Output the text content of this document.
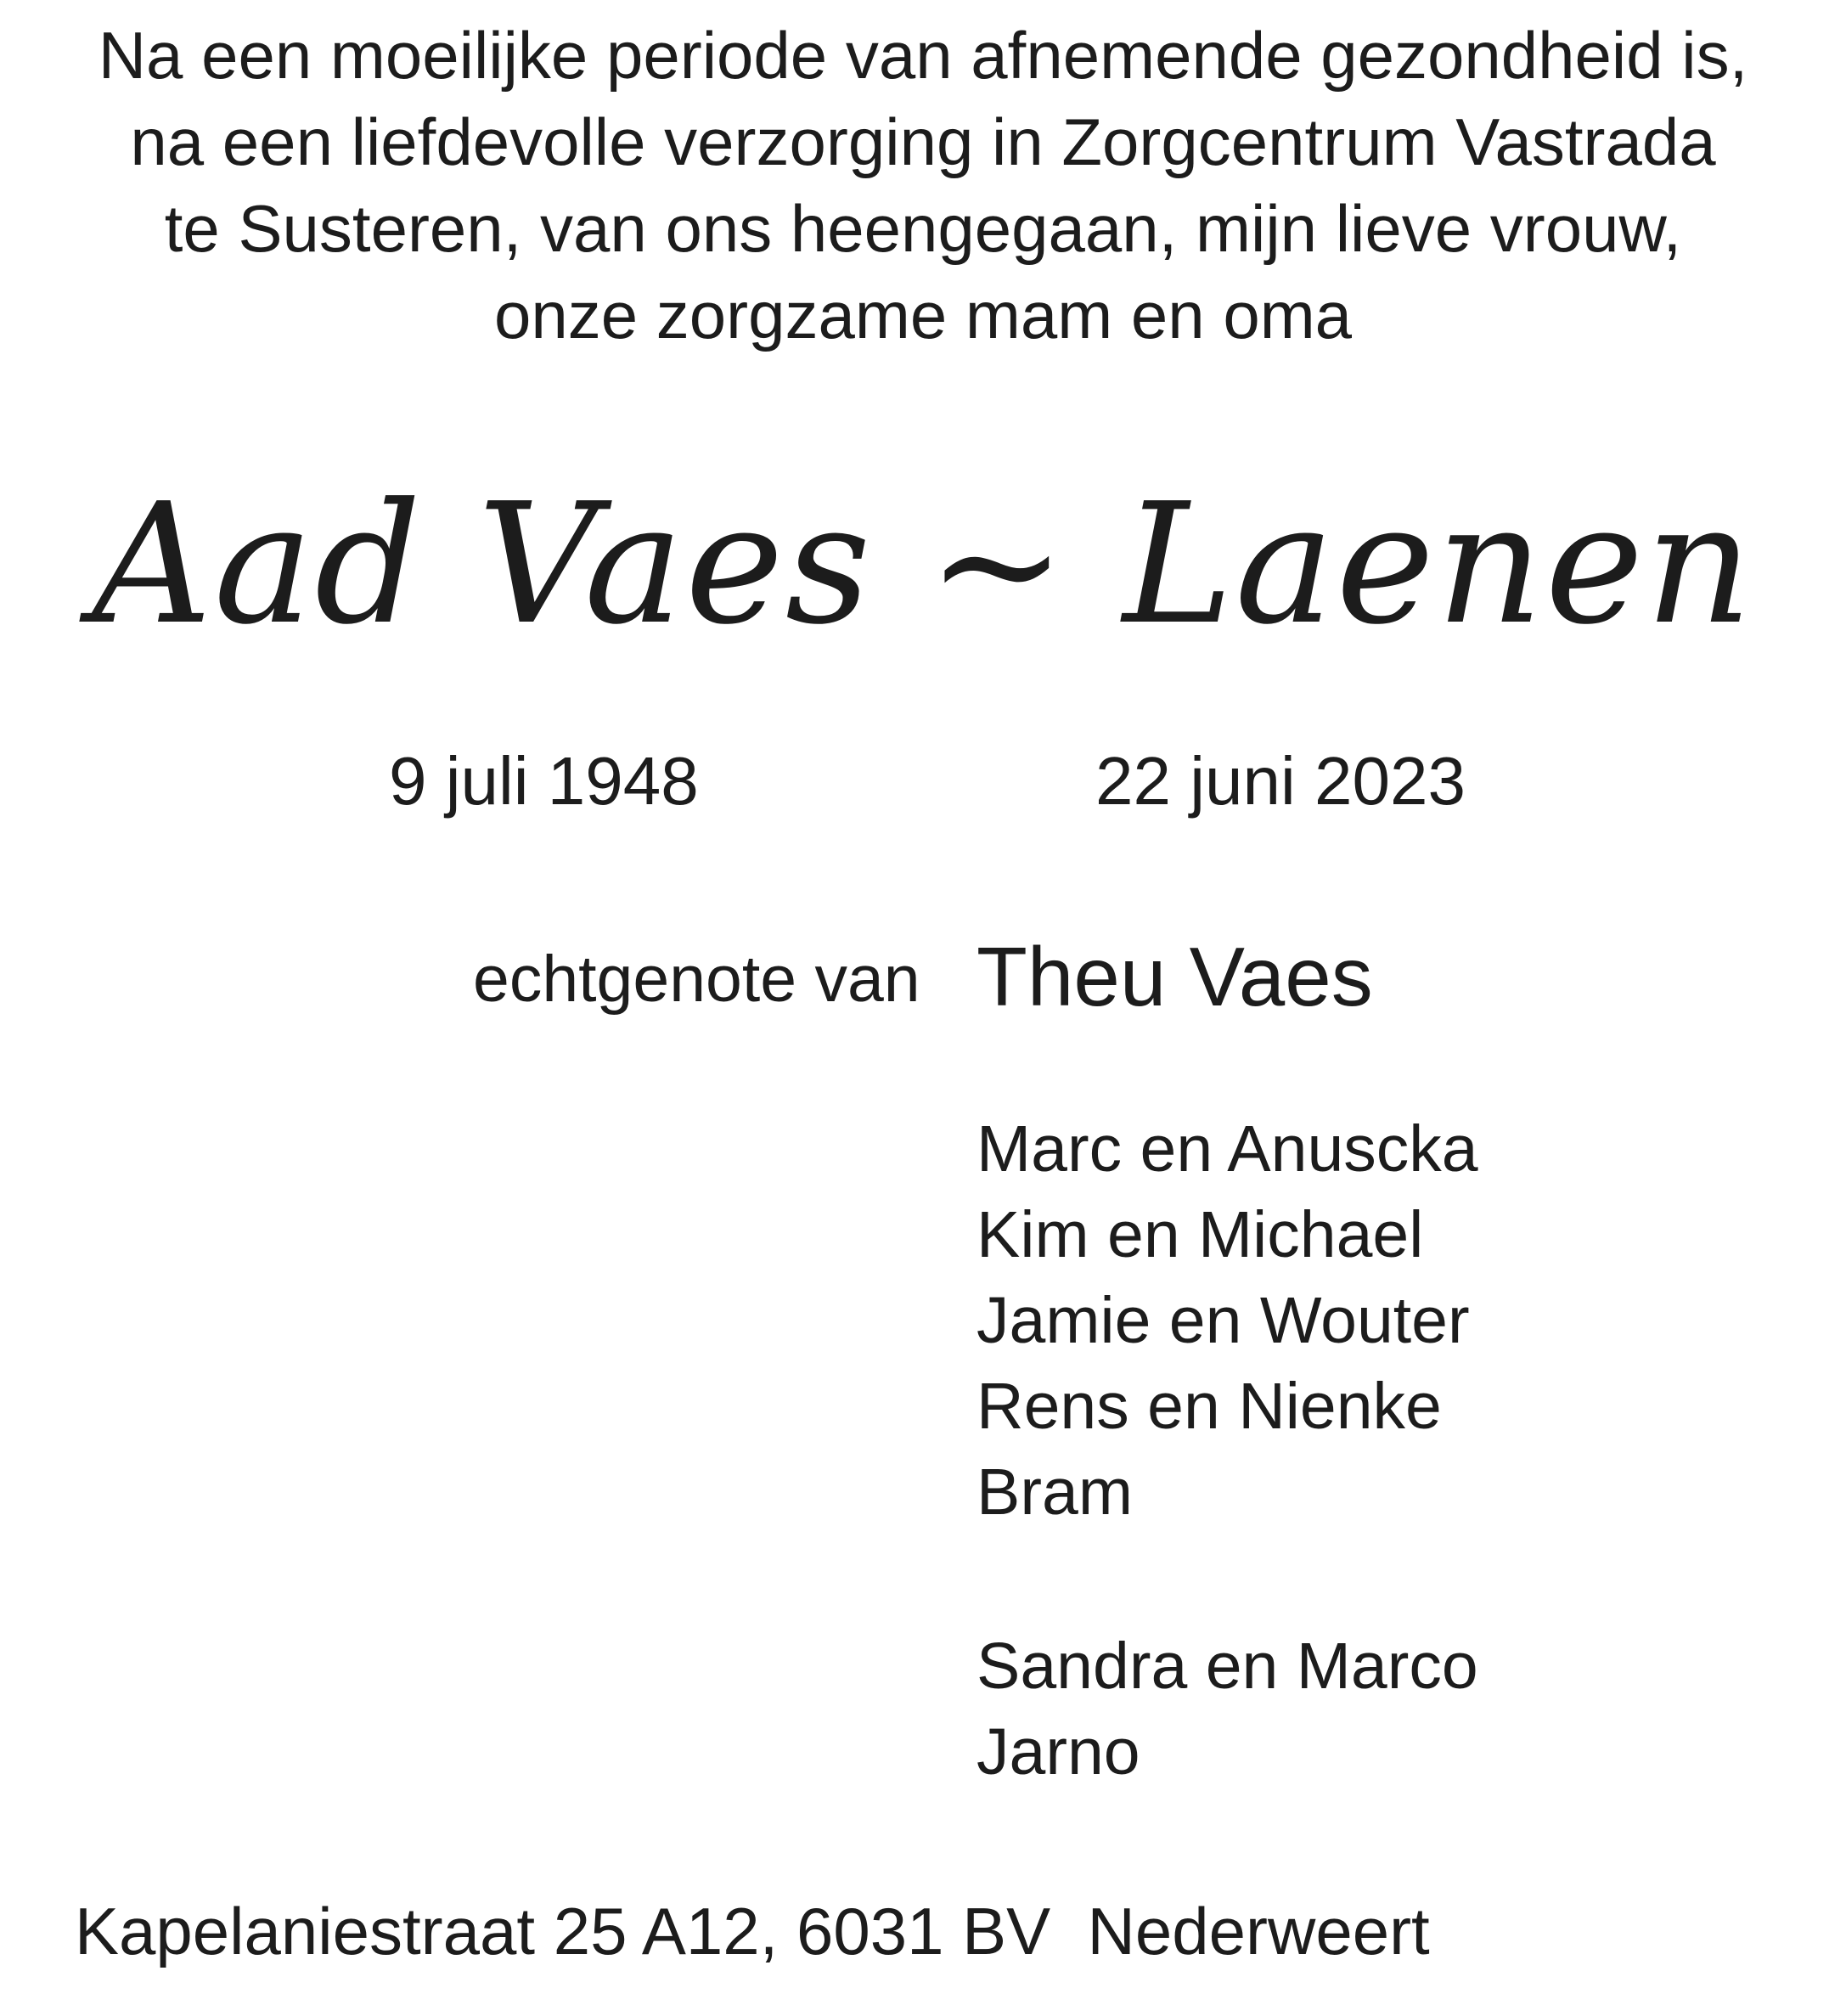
Na een moeilijke periode van afnemende gezondheid is,
na een liefdevolle verzorging in Zorgcentrum Vastrada
te Susteren, van ons heengegaan, mijn lieve vrouw,
onze zorgzame mam en oma
Aad Vaes ~ Laenen
9 juli 1948	22 juni 2023
echtgenote van Theu Vaes
Marc en Anuscka
Kim en Michael
Jamie en Wouter
Rens en Nienke
Bram
Sandra en Marco
Jarno
Kapelaniestraat 25 A12, 6031 BV  Nederweert
